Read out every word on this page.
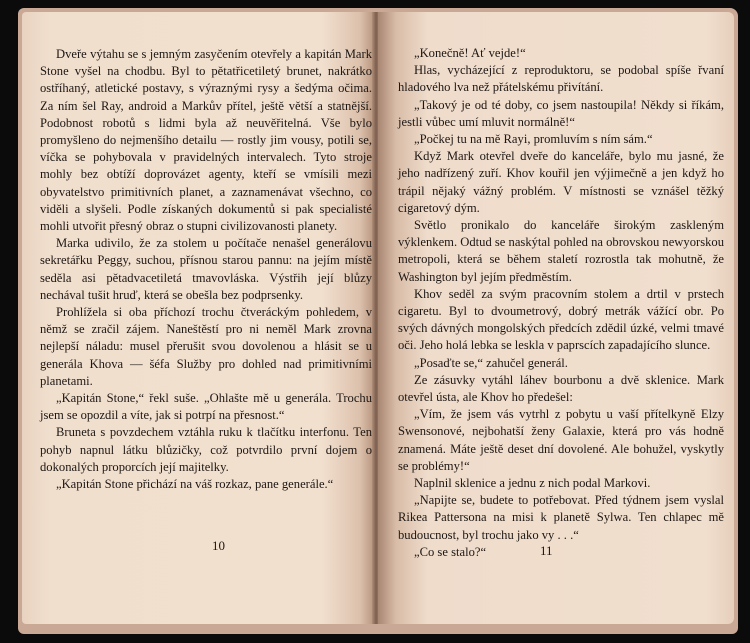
Dveře výtahu se s jemným zasyčením otevřely a kapitán Mark Stone vyšel na chodbu. Byl to pětatřicetiletý brunet, nakrátko ostříhaný, atletické postavy, s výraznými rysy a šedýma očima. Za ním šel Ray, android a Markův přítel, ještě větší a statnější. Podobnost robotů s lidmi byla až neuvěřitelná. Vše bylo promyšleno do nejmenšího detailu — rostly jim vousy, potili se, víčka se pohybovala v pravidelných intervalech. Tyto stroje mohly bez obtíží doprovázet agenty, kteří se vmísili mezi obyvatelstvo primitivních planet, a zaznamenávat všechno, co viděli a slyšeli. Podle získaných dokumentů si pak specialisté mohli utvořit přesný obraz o stupni civilizovanosti planety.

Marka udivilo, že za stolem u počítače nenašel generálovu sekretářku Peggy, suchou, přísnou starou pannu: na jejím místě seděla asi pětadvacetiletá tmavovláska. Výstřih její blůzy nechával tušit hruď, která se obešla bez podprsenky.

Prohlížela si oba příchozí trochu čtveráckým pohledem, v němž se zračil zájem. Naneštěstí pro ni neměl Mark zrovna nejlepší náladu: musel přerušit svou dovolenou a hlásit se u generála Khova — šéfa Služby pro dohled nad primitivními planetami.

„Kapitán Stone,“ řekl suše. „Ohlašte mě u generála. Trochu jsem se opozdil a víte, jak si potrpí na přesnost.“

Bruneta s povzdechem vztáhla ruku k tlačítku interfonu. Ten pohyb napnul látku blůzičky, což potvrdilo první dojem o dokonalých proporcích její majitelky.

„Kapitán Stone přichází na váš rozkaz, pane generále.“

10

„Konečně! Ať vejde!“

Hlas, vycházející z reproduktoru, se podobal spíše řvaní hladového lva než přátelskému přivítání.

„Takový je od té doby, co jsem nastoupila! Někdy si říkám, jestli vůbec umí mluvit normálně!“

„Počkej tu na mě Rayi, promluvím s ním sám.“

Když Mark otevřel dveře do kanceláře, bylo mu jasné, že jeho nadřízený zuří. Khov kouřil jen výjimečně a jen když ho trápil nějaký vážný problém. V místnosti se vznášel těžký cigaretový dým.

Světlo pronikalo do kanceláře širokým zaskleným výklenkem. Odtud se naskýtal pohled na obrovskou newyorskou metropoli, která se během staletí rozrostla tak mohutně, že Washington byl jejím předměstím.

Khov seděl za svým pracovním stolem a drtil v prstech cigaretu. Byl to dvoumetrový, dobrý metrák vážící obr. Po svých dávných mongolských předcích zdědil úzké, velmi tmavé oči. Jeho holá lebka se leskla v paprscích zapadajícího slunce.

„Posaďte se,“ zahučel generál.

Ze zásuvky vytáhl láhev bourbonu a dvě sklenice. Mark otevřel ústa, ale Khov ho předešel:

„Vím, že jsem vás vytrhl z pobytu u vaší přítelkyně Elzy Swensonové, nejbohatší ženy Galaxie, která pro vás hodně znamená. Máte ještě deset dní dovolené. Ale bohužel, vyskytly se problémy!“

Naplnil sklenice a jednu z nich podal Markovi.

„Napijte se, budete to potřebovat. Před týdnem jsem vyslal Rikea Pattersona na misi k planetě Sylwa. Ten chlapec mě budoucnost, byl trochu jako vy . . .“

„Co se stalo?“	11
